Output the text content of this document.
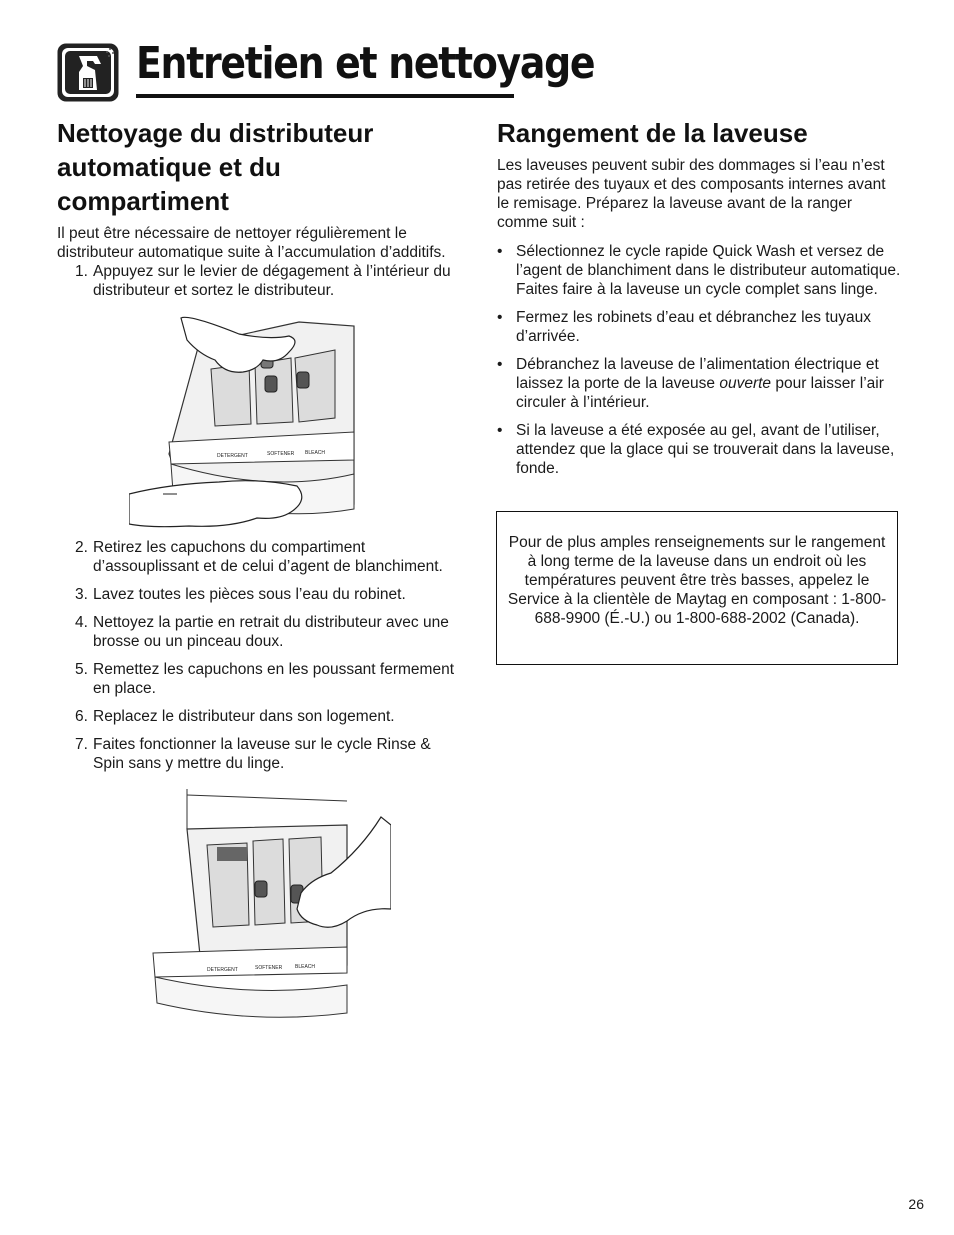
Entretien et nettoyage
Nettoyage du distributeur automatique et du compartiment

Il peut être nécessaire de nettoyer régulièrement le distributeur automatique suite à l’accumulation d’additifs.

1. Appuyez sur le levier de dégagement à l’intérieur du distributeur et sortez le distributeur.
DETERGENT	SOFTENER BLEACH
2. Retirez les capuchons du compartiment d’assouplissant et de celui d’agent de blanchiment.
3. Lavez toutes les pièces sous l’eau du robinet.
4. Nettoyez la partie en retrait du distributeur avec une brosse ou un pinceau doux.
5. Remettez les capuchons en les poussant fermement en place.
6. Replacez le distributeur dans son logement.
7. Faites fonctionner la laveuse sur le cycle Rinse & Spin sans y mettre du linge.
DETERGENT	SOFTENER	BLEACH
Rangement de la laveuse

Les laveuses peuvent subir des dommages si l’eau n’est pas retirée des tuyaux et des composants internes avant le remisage. Préparez la laveuse avant de la ranger comme suit :

• Sélectionnez le cycle rapide Quick Wash et versez de l’agent de blanchiment dans le distributeur automatique. Faites faire à la laveuse un cycle complet sans linge.
• Fermez les robinets d’eau et débranchez les tuyaux d’arrivée.
• Débranchez la laveuse de l’alimentation électrique et laissez la porte de la laveuse ouverte pour laisser l’air circuler à l’intérieur.
• Si la laveuse a été exposée au gel, avant de l’utiliser, attendez que la glace qui se trouverait dans la laveuse, fonde.

Pour de plus amples renseignements sur le rangement à long terme de la laveuse dans un endroit où les températures peuvent être très basses, appelez le Service à la clientèle de Maytag en composant : 1-800-688-9900 (É.-U.) ou 1-800-688-2002 (Canada).

26
